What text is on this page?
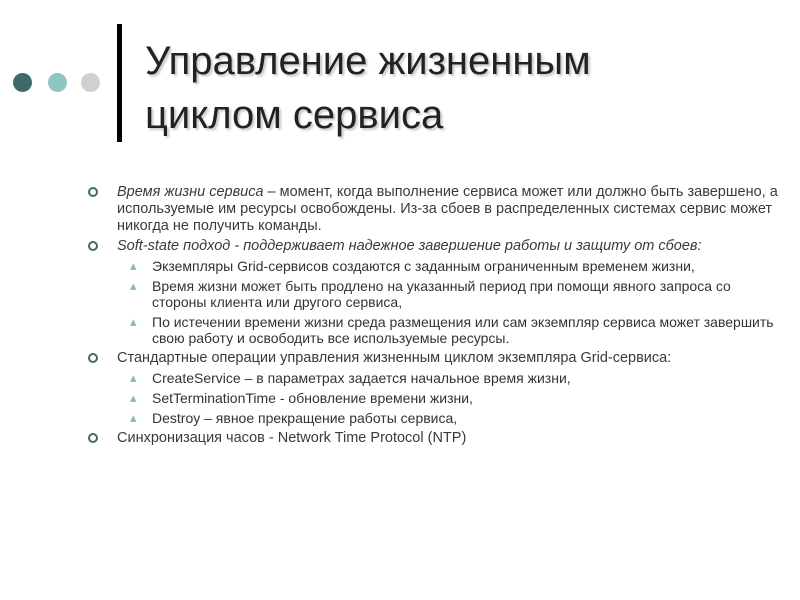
Управление жизненным
циклом сервиса
Время жизни сервиса – момент, когда выполнение сервиса может или должно быть завершено, а используемые им ресурсы освобождены. Из-за сбоев в распределенных системах сервис может никогда не получить команды.
Soft-state подход - поддерживает надежное завершение работы и защиту от сбоев:
▴ Экземпляры Grid-сервисов создаются с заданным ограниченным временем жизни,
▴ Время жизни может быть продлено на указанный период при помощи явного запроса со стороны клиента или другого сервиса,
▴ По истечении времени жизни среда размещения или сам экземпляр сервиса может завершить свою работу и освободить все используемые ресурсы.
Стандартные операции управления жизненным циклом экземпляра Grid-сервиса:
▴ CreateService – в параметрах задается начальное время жизни,
▴ SetTerminationTime - обновление времени жизни,
▴ Destroy – явное прекращение работы сервиса,
Синхронизация часов - Network Time Protocol (NTP)
